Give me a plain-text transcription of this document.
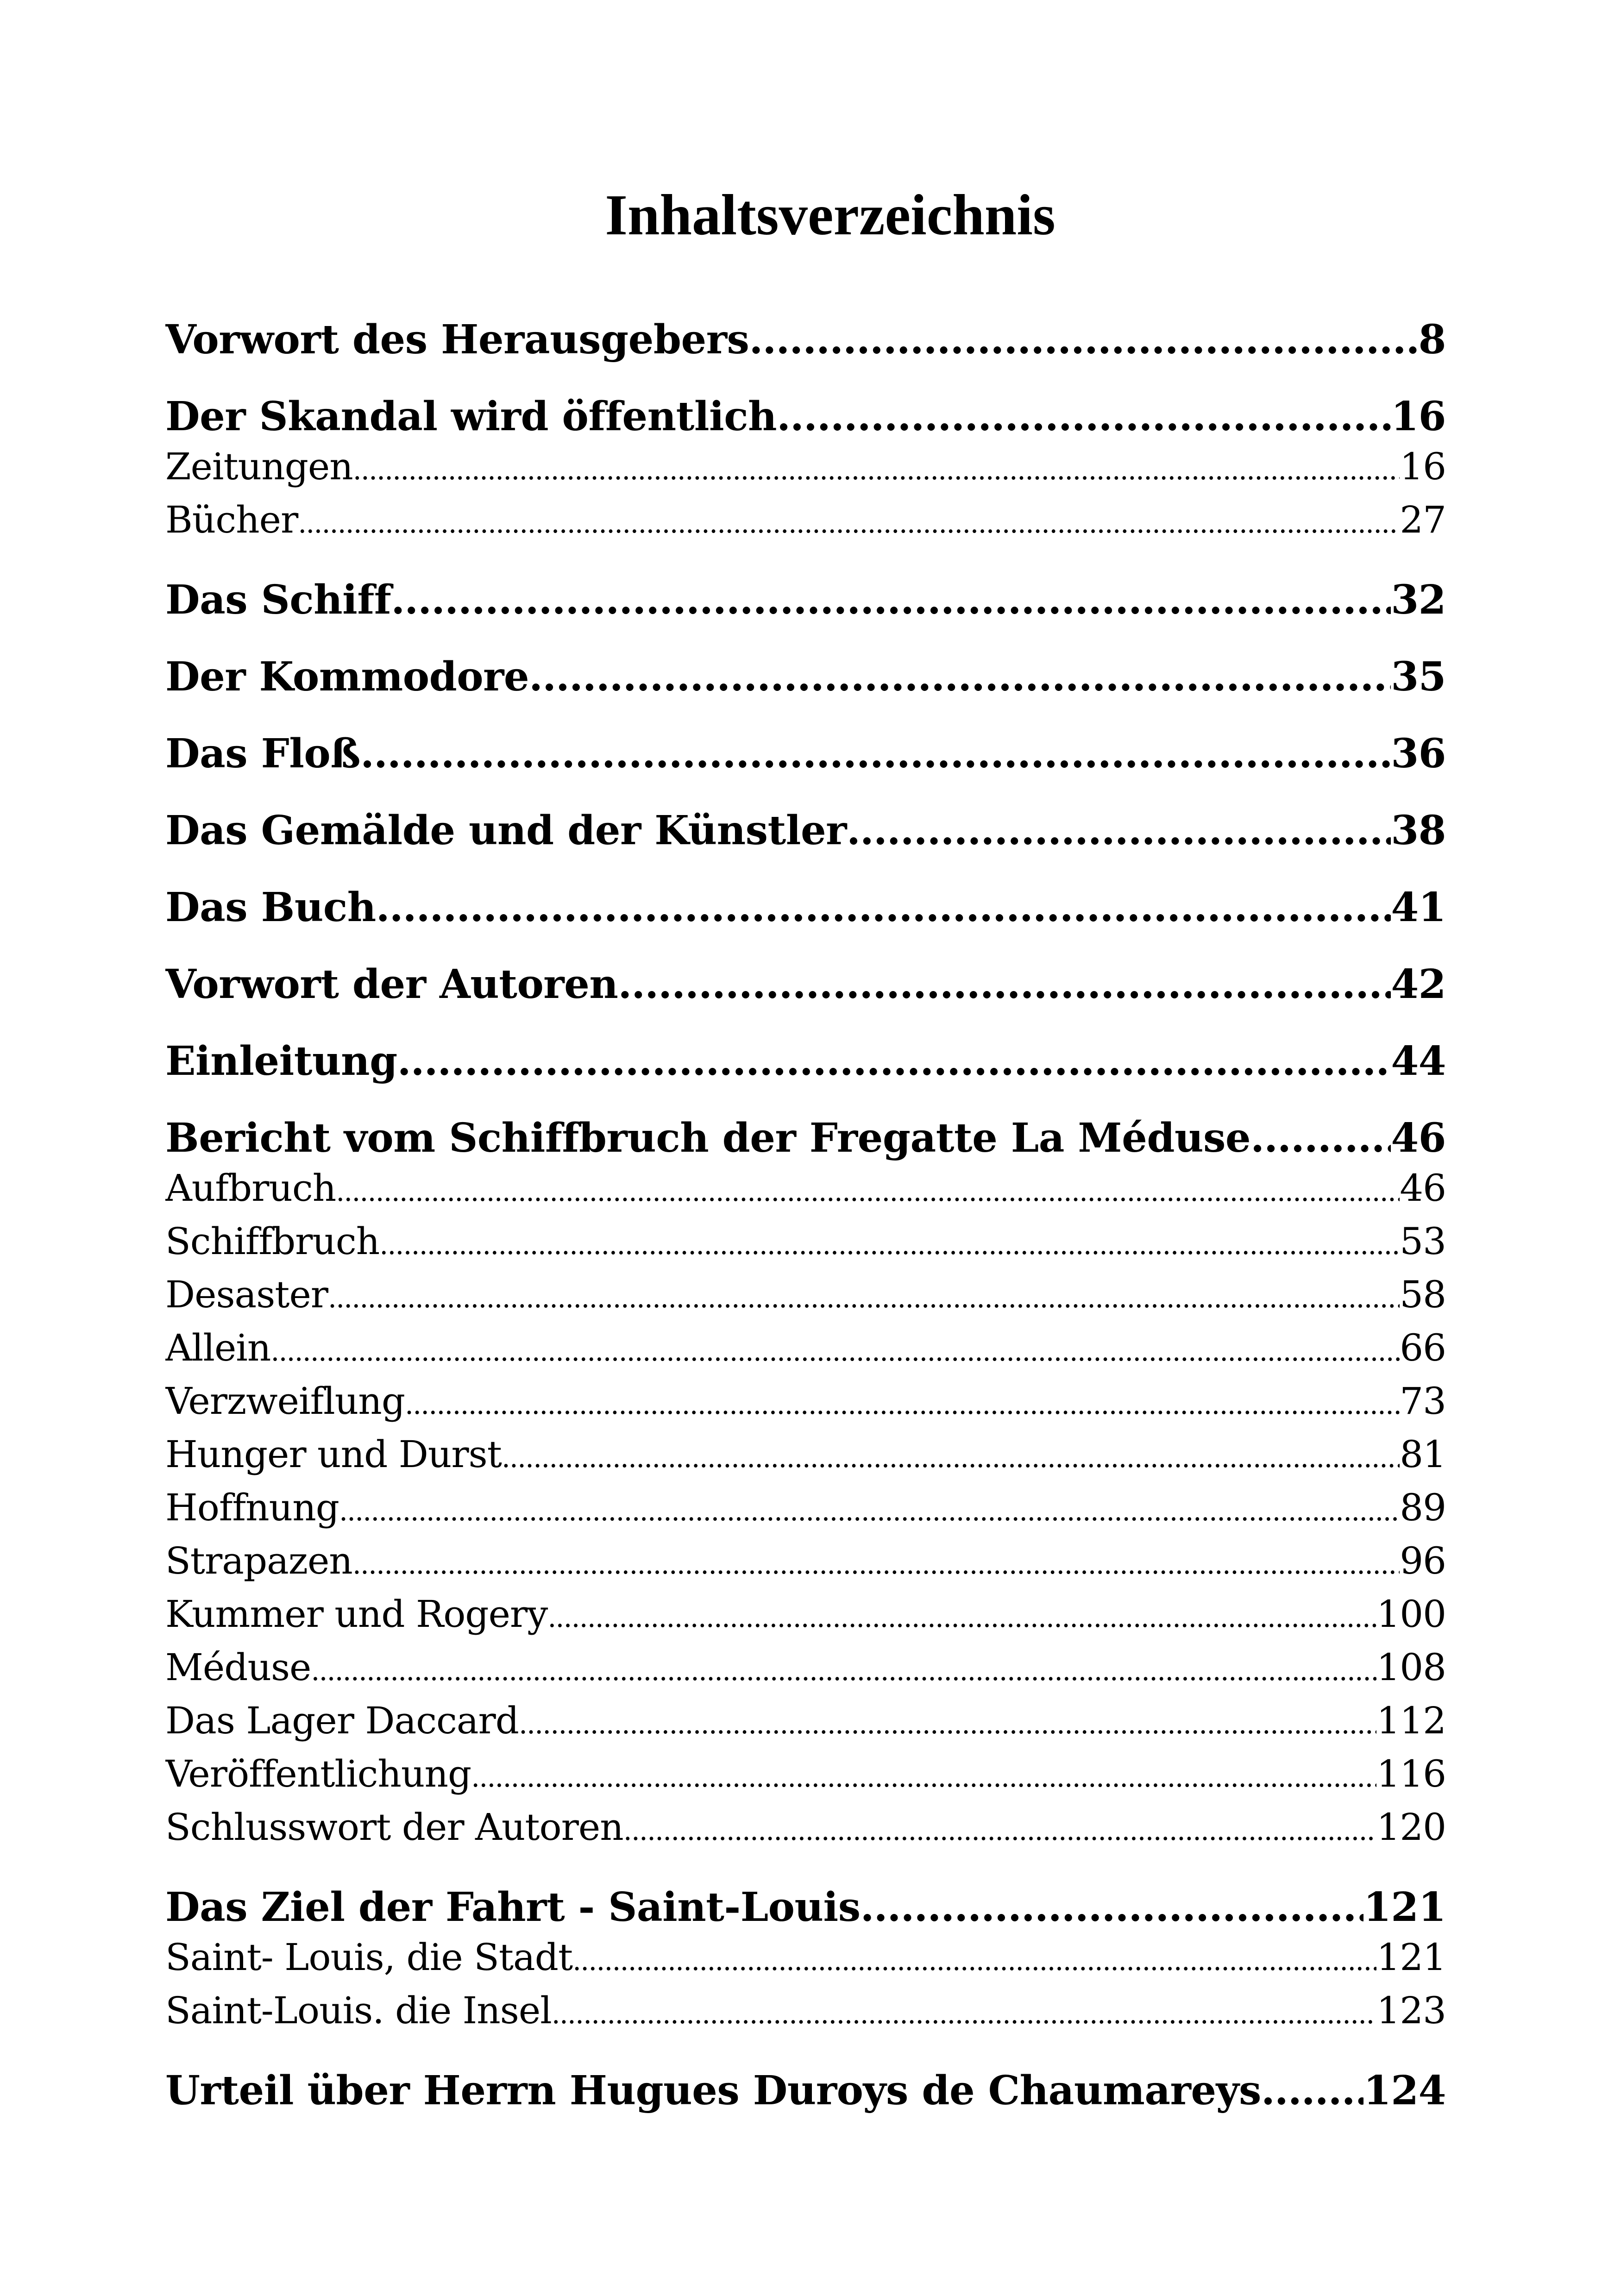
Inhaltsverzeichnis
Vorwort des Herausgebers .....	8
Der Skandal wird öffentlich .....	16
Zeitungen .....	16
Bücher .....	27
Das Schiff .....	32
Der Kommodore .....	35
Das Floß .....	36
Das Gemälde und der Künstler .....	38
Das Buch .....	41
Vorwort der Autoren .....	42
Einleitung .....	44
Bericht vom Schiffbruch der Fregatte La Méduse .....	46
Aufbruch .....	46
Schiffbruch .....	53
Desaster .....	58
Allein .....	66
Verzweiflung .....	73
Hunger und Durst .....	81
Hoffnung .....	89
Strapazen .....	96
Kummer und Rogery .....	100
Méduse .....	108
Das Lager Daccard .....	112
Veröffentlichung .....	116
Schlusswort der Autoren .....	120
Das Ziel der Fahrt - Saint-Louis .....	121
Saint- Louis, die Stadt .....	121
Saint-Louis. die Insel .....	123
Urteil über Herrn Hugues Duroys de Chaumareys .....	124
